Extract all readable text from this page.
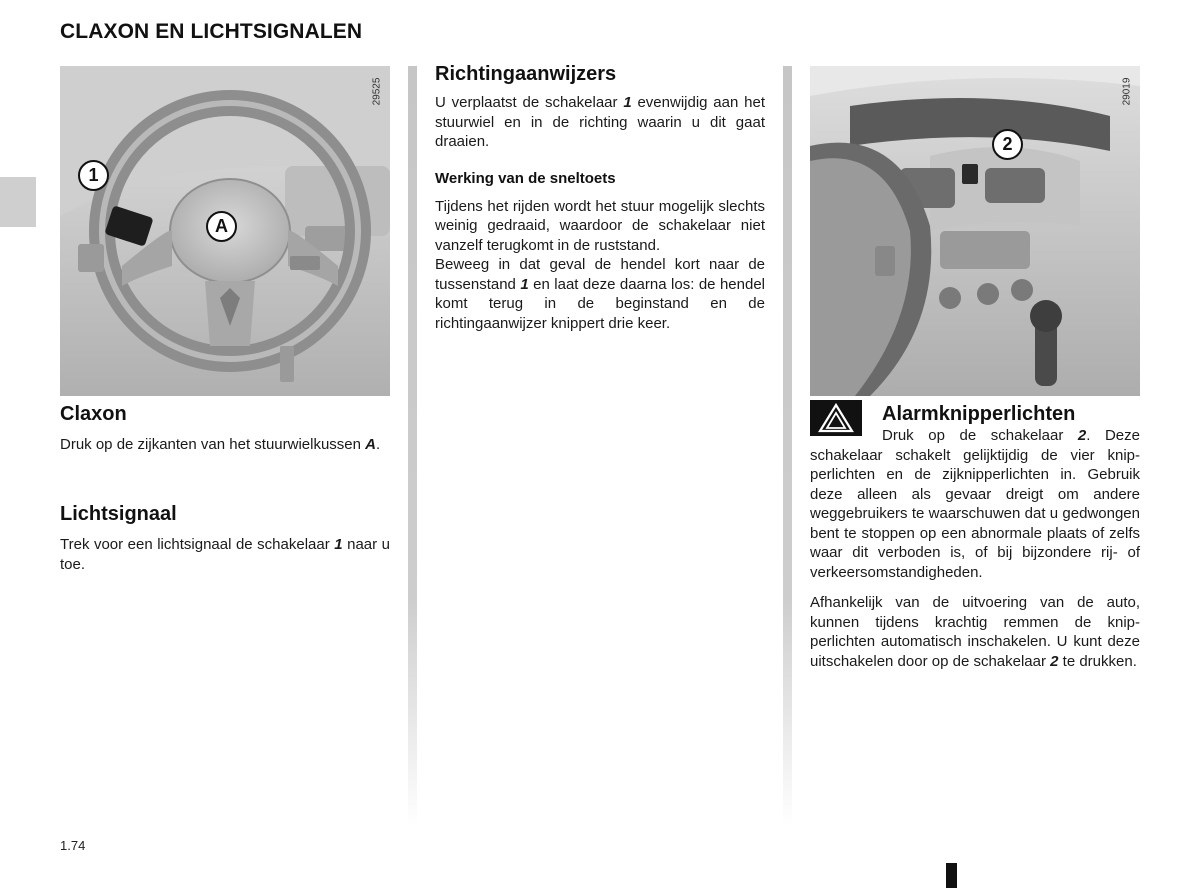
CLAXON EN LICHTSIGNALEN
29525
1
A
Claxon

Druk op de zijkanten van het stuurwielkussen A.

Lichtsignaal

Trek voor een lichtsignaal de schakelaar 1 naar u toe.

Richtingaanwijzers

U verplaatst de schakelaar 1 evenwijdig aan het stuurwiel en in de richting waarin u dit gaat draaien.

Werking van de sneltoets

Tijdens het rijden wordt het stuur mogelijk slechts weinig gedraaid, waardoor de schakelaar niet vanzelf terugkomt in de ruststand.

Beweeg in dat geval de hendel kort naar de tussenstand 1 en laat deze daarna los: de hendel komt terug in de beginstand en de richtingaanwijzer knippert drie keer.

29019
2
Alarmknipperlichten

Druk op de schakelaar 2. Deze schakelaar schakelt gelijktijdig de vier knipperlichten en de zijknipperlichten in. Gebruik deze alleen als gevaar dreigt om andere weggebruikers te waarschuwen dat u gedwongen bent te stoppen op een abnormale plaats of zelfs waar dit verboden is, of bij bijzondere rij- of verkeersomstandigheden.

Afhankelijk van de uitvoering van de auto, kunnen tijdens krachtig remmen de knipperlichten automatisch inschakelen. U kunt deze uitschakelen door op de schakelaar 2 te drukken.

1.74
